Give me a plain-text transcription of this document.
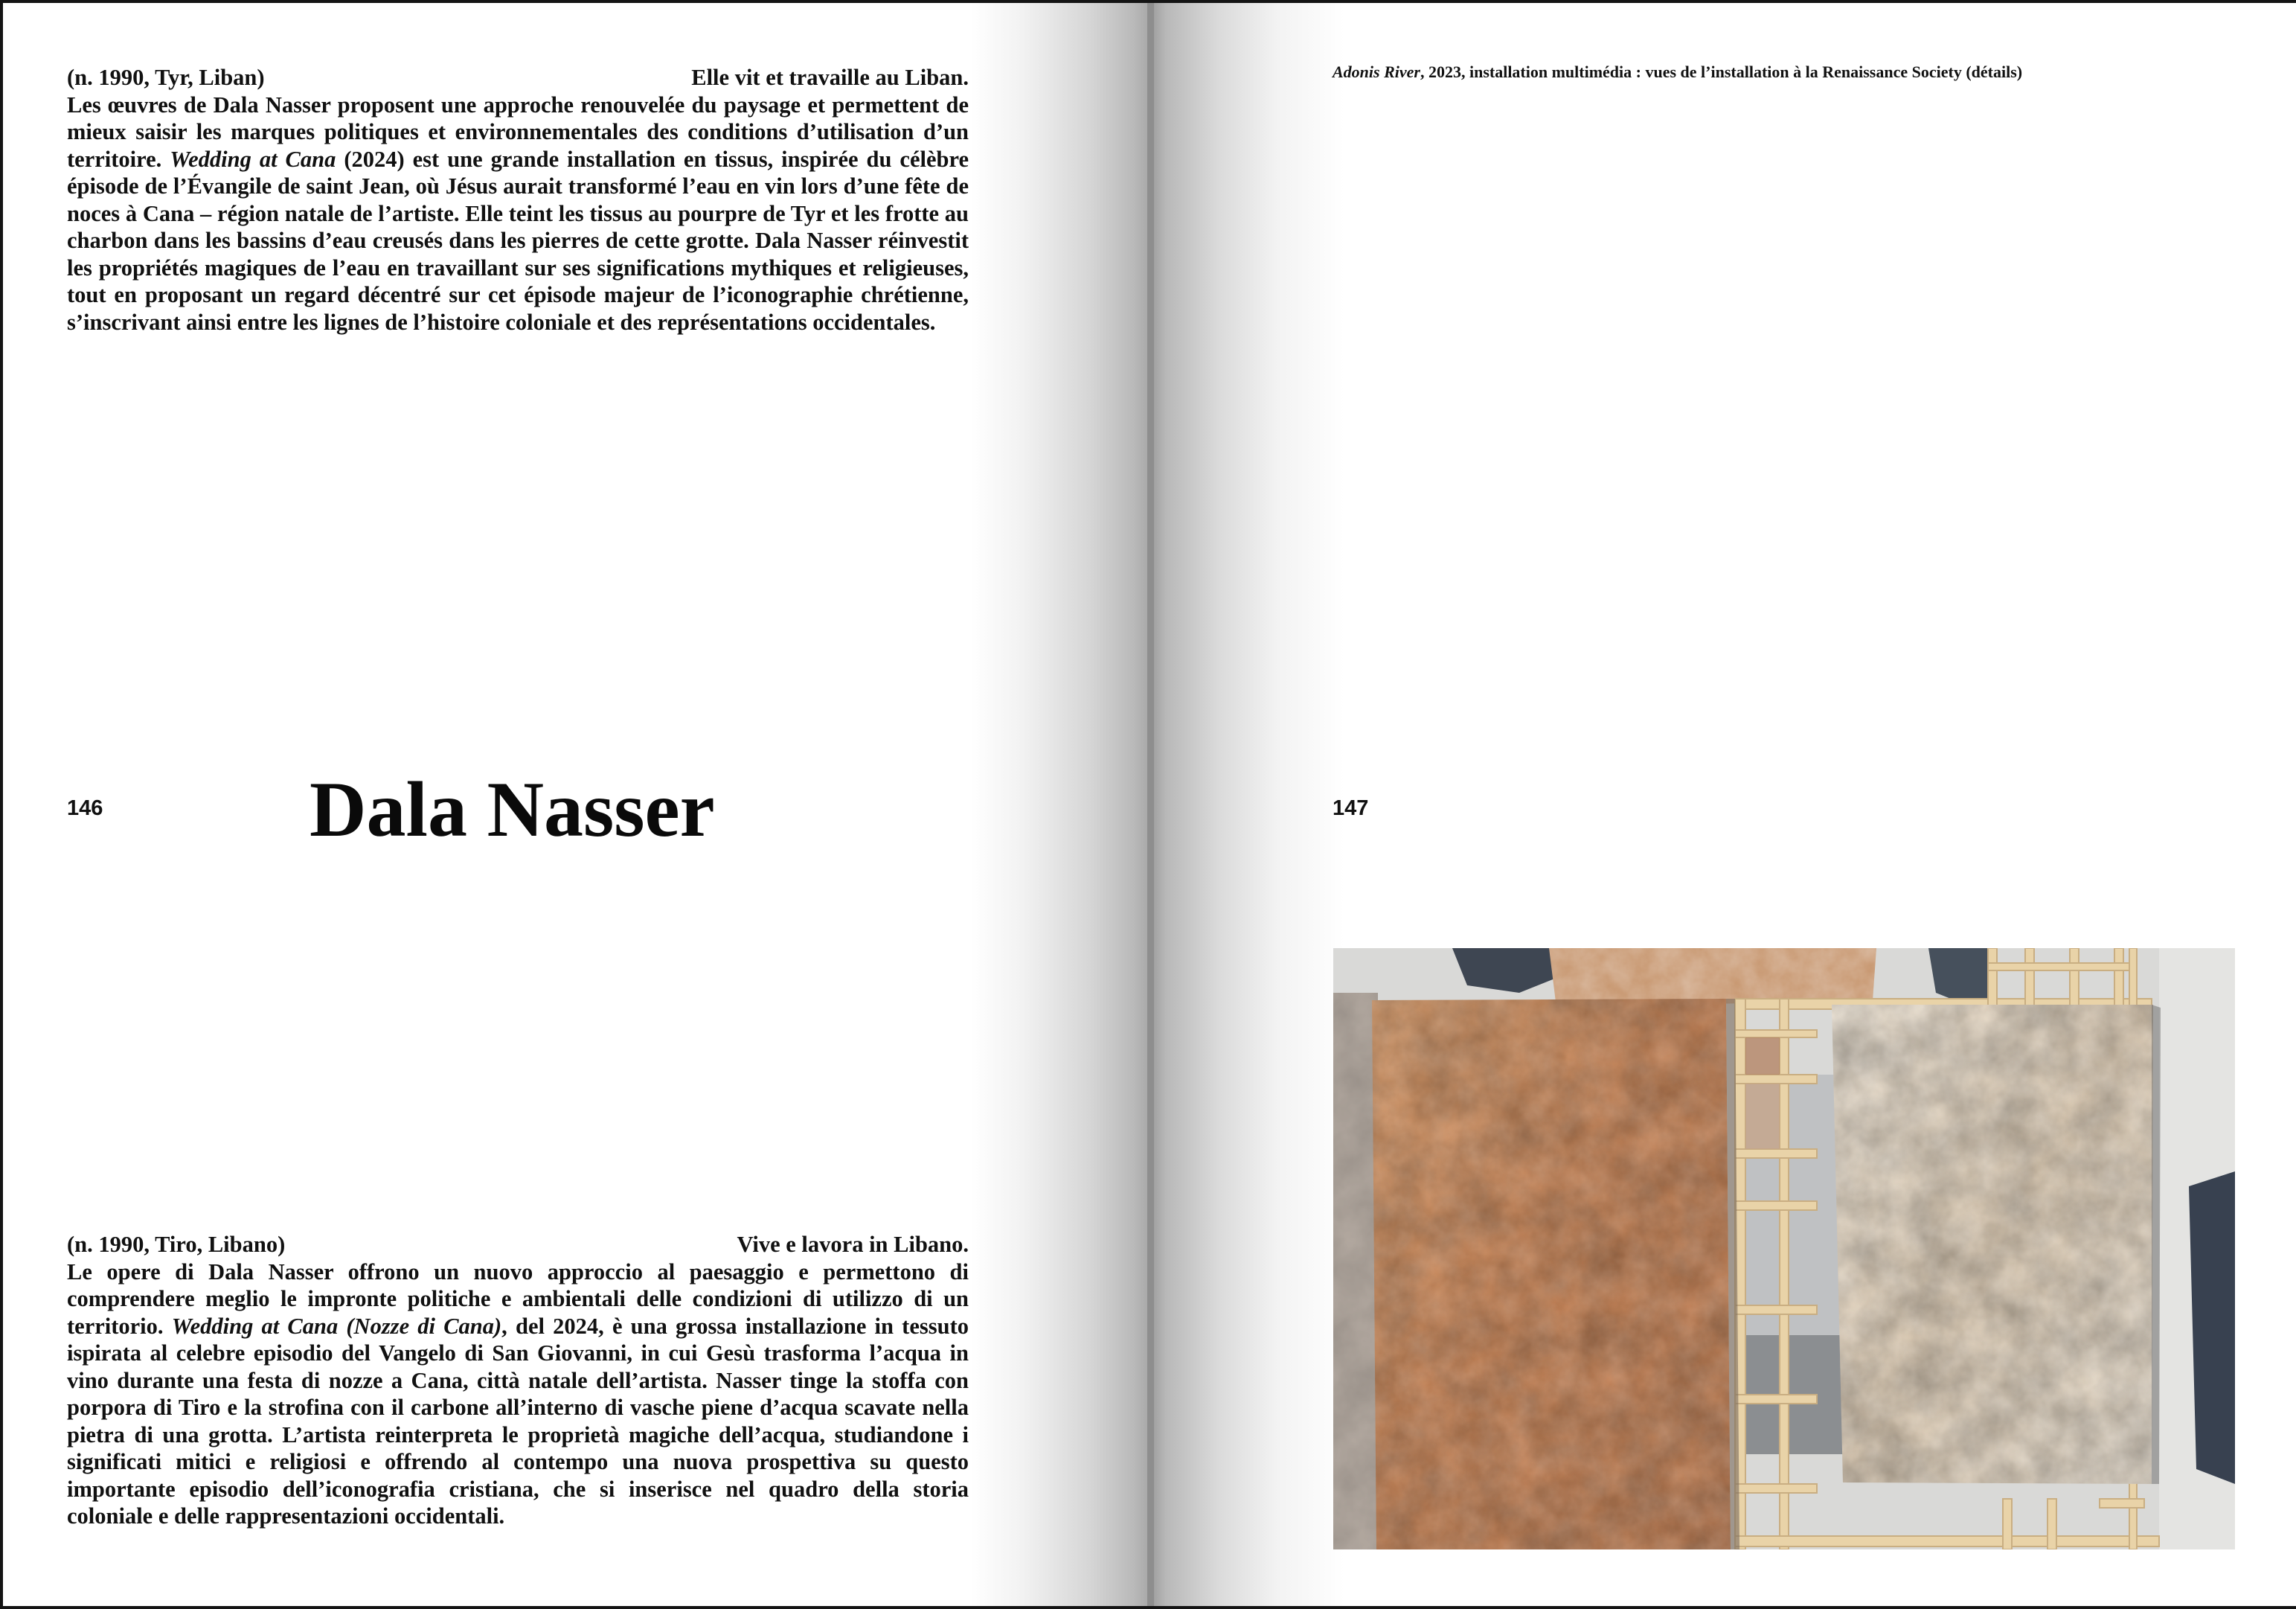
(n. 1990, Tyr, Liban)	Elle vit et travaille au Liban.
Les œuvres de Dala Nasser proposent une approche renouvelée du paysage et permettent de mieux saisir les marques politiques et environnementales des conditions d’utilisation d’un territoire. Wedding at Cana (2024) est une grande installation en tissus, inspirée du célèbre épisode de l’Évangile de saint Jean, où Jésus aurait transformé l’eau en vin lors d’une fête de noces à Cana – région natale de l’artiste. Elle teint les tissus au pourpre de Tyr et les frotte au charbon dans les bassins d’eau creusés dans les pierres de cette grotte. Dala Nasser réinvestit les propriétés magiques de l’eau en travaillant sur ses significations mythiques et religieuses, tout en proposant un regard décentré sur cet épisode majeur de l’iconographie chrétienne, s’inscrivant ainsi entre les lignes de l’histoire coloniale et des représentations occidentales.
146	Dala Nasser
(n. 1990, Tiro, Libano)	Vive e lavora in Libano.
Le opere di Dala Nasser offrono un nuovo approccio al paesaggio e permettono di comprendere meglio le impronte politiche e ambientali delle condizioni di utilizzo di un territorio. Wedding at Cana (Nozze di Cana), del 2024, è una grossa installazione in tessuto ispirata al celebre episodio del Vangelo di San Giovanni, in cui Gesù trasforma l’acqua in vino durante una festa di nozze a Cana, città natale dell’artista. Nasser tinge la stoffa con porpora di Tiro e la strofina con il carbone all’interno di vasche piene d’acqua scavate nella pietra di una grotta. L’artista reinterpreta le proprietà magiche dell’acqua, studiandone i significati mitici e religiosi e offrendo al contempo una nuova prospettiva su questo importante episodio dell’iconografia cristiana, che si inserisce nel quadro della storia coloniale e delle rappresentazioni occidentali.
Adonis River, 2023, installation multimédia : vues de l’installation à la Renaissance Society (détails)
147
